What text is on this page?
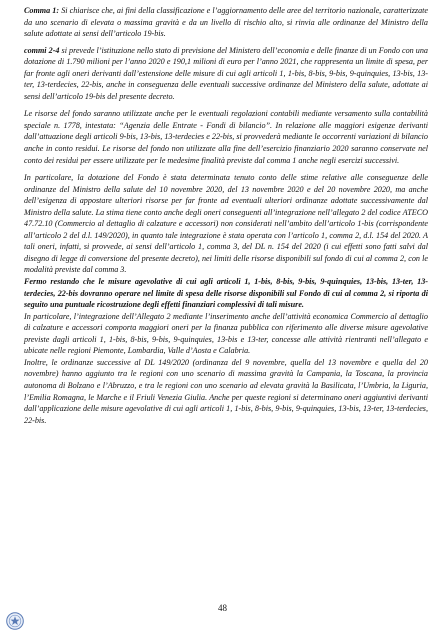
Comma 1: Si chiarisce che, ai fini della classificazione e l’aggiornamento delle aree del territorio nazionale, caratterizzate da uno scenario di elevata o massima gravità e da un livello di rischio alto, si rinvia alle ordinanze del Ministro della salute adottate ai sensi dell’articolo 19-bis.

commi 2-4 si prevede l’istituzione nello stato di previsione del Ministero dell’economia e delle finanze di un Fondo con una dotazione di 1.790 milioni per l’anno 2020 e 190,1 milioni di euro per l’anno 2021, che rappresenta un limite di spesa, per far fronte agli oneri derivanti dall’estensione delle misure di cui agli articoli 1, 1-bis, 8-bis, 9-bis, 9-quinquies, 13-bis, 13-ter, 13-terdecies, 22-bis, anche in conseguenza delle eventuali successive ordinanze del Ministero della salute, adottate ai sensi dell’articolo 19-bis del presente decreto.

Le risorse del fondo saranno utilizzate anche per le eventuali regolazioni contabili mediante versamento sulla contabilità speciale n. 1778, intestata: “Agenzia delle Entrate - Fondi di bilancio”. In relazione alle maggiori esigenze derivanti dall’attuazione degli articoli 9-bis, 13-bis, 13-terdecies e 22-bis, si provvederà mediante le occorrenti variazioni di bilancio anche in conto residui. Le risorse del fondo non utilizzate alla fine dell’esercizio finanziario 2020 saranno conservate nel conto dei residui per essere utilizzate per le medesime finalità previste dal comma 1 anche negli esercizi successivi.

In particolare, la dotazione del Fondo è stata determinata tenuto conto delle stime relative alle conseguenze delle ordinanze del Ministro della salute del 10 novembre 2020, del 13 novembre 2020 e del 20 novembre 2020, ma anche dell’esigenza di appostare ulteriori risorse per far fronte ad eventuali ulteriori ordinanze adottate successivamente dal Ministro della salute. La stima tiene conto anche degli oneri conseguenti all’integrazione nell’allegato 2 del codice ATECO 47.72.10 (Commercio al dettaglio di calzature e accessori) non considerati nell’ambito dell’articolo 1-bis (corrispondente all’articolo 2 del d.l. 149/2020), in quanto tale integrazione è stata operata con l’articolo 1, comma 2, d.l. 154 del 2020. A tali oneri, infatti, si provvede, ai sensi dell’articolo 1, comma 3, del DL n. 154 del 2020 (i cui effetti sono fatti salvi dal disegno di legge di conversione del presente decreto), nei limiti delle risorse disponibili sul fondo di cui al comma 2, con le modalità previste dal comma 3.

Fermo restando che le misure agevolative di cui agli articoli 1, 1-bis, 8-bis, 9-bis, 9-quinquies, 13-bis, 13-ter, 13-terdecies, 22-bis dovranno operare nel limite di spesa delle risorse disponibili sul Fondo di cui al comma 2, si riporta di seguito una puntuale ricostruzione degli effetti finanziari complessivi di tali misure.

In particolare, l’integrazione dell’Allegato 2 mediante l’inserimento anche dell’attività economica Commercio al dettaglio di calzature e accessori comporta maggiori oneri per la finanza pubblica con riferimento alle diverse misure agevolative previste dagli articoli 1, 1-bis, 8-bis, 9-bis, 9-quinquies, 13-bis e 13-ter, concesse alle attività rientranti nell’allegato e ubicate nelle regioni Piemonte, Lombardia, Valle d’Aosta e Calabria.

Inoltre, le ordinanze successive al DL 149/2020 (ordinanza del 9 novembre, quella del 13 novembre e quella del 20 novembre) hanno aggiunto tra le regioni con uno scenario di massima gravità la Campania, la Toscana, la provincia autonoma di Bolzano e l’Abruzzo, e tra le regioni con uno scenario ad elevata gravità la Basilicata, l’Umbria, la Liguria, l’Emilia Romagna, le Marche e il Friuli Venezia Giulia. Anche per queste regioni si determinano oneri aggiuntivi derivanti dall’applicazione delle misure agevolative di cui agli articoli 1, 1-bis, 8-bis, 9-bis, 9-quinquies, 13-bis, 13-ter, 13-terdecies, 22-bis.

48
